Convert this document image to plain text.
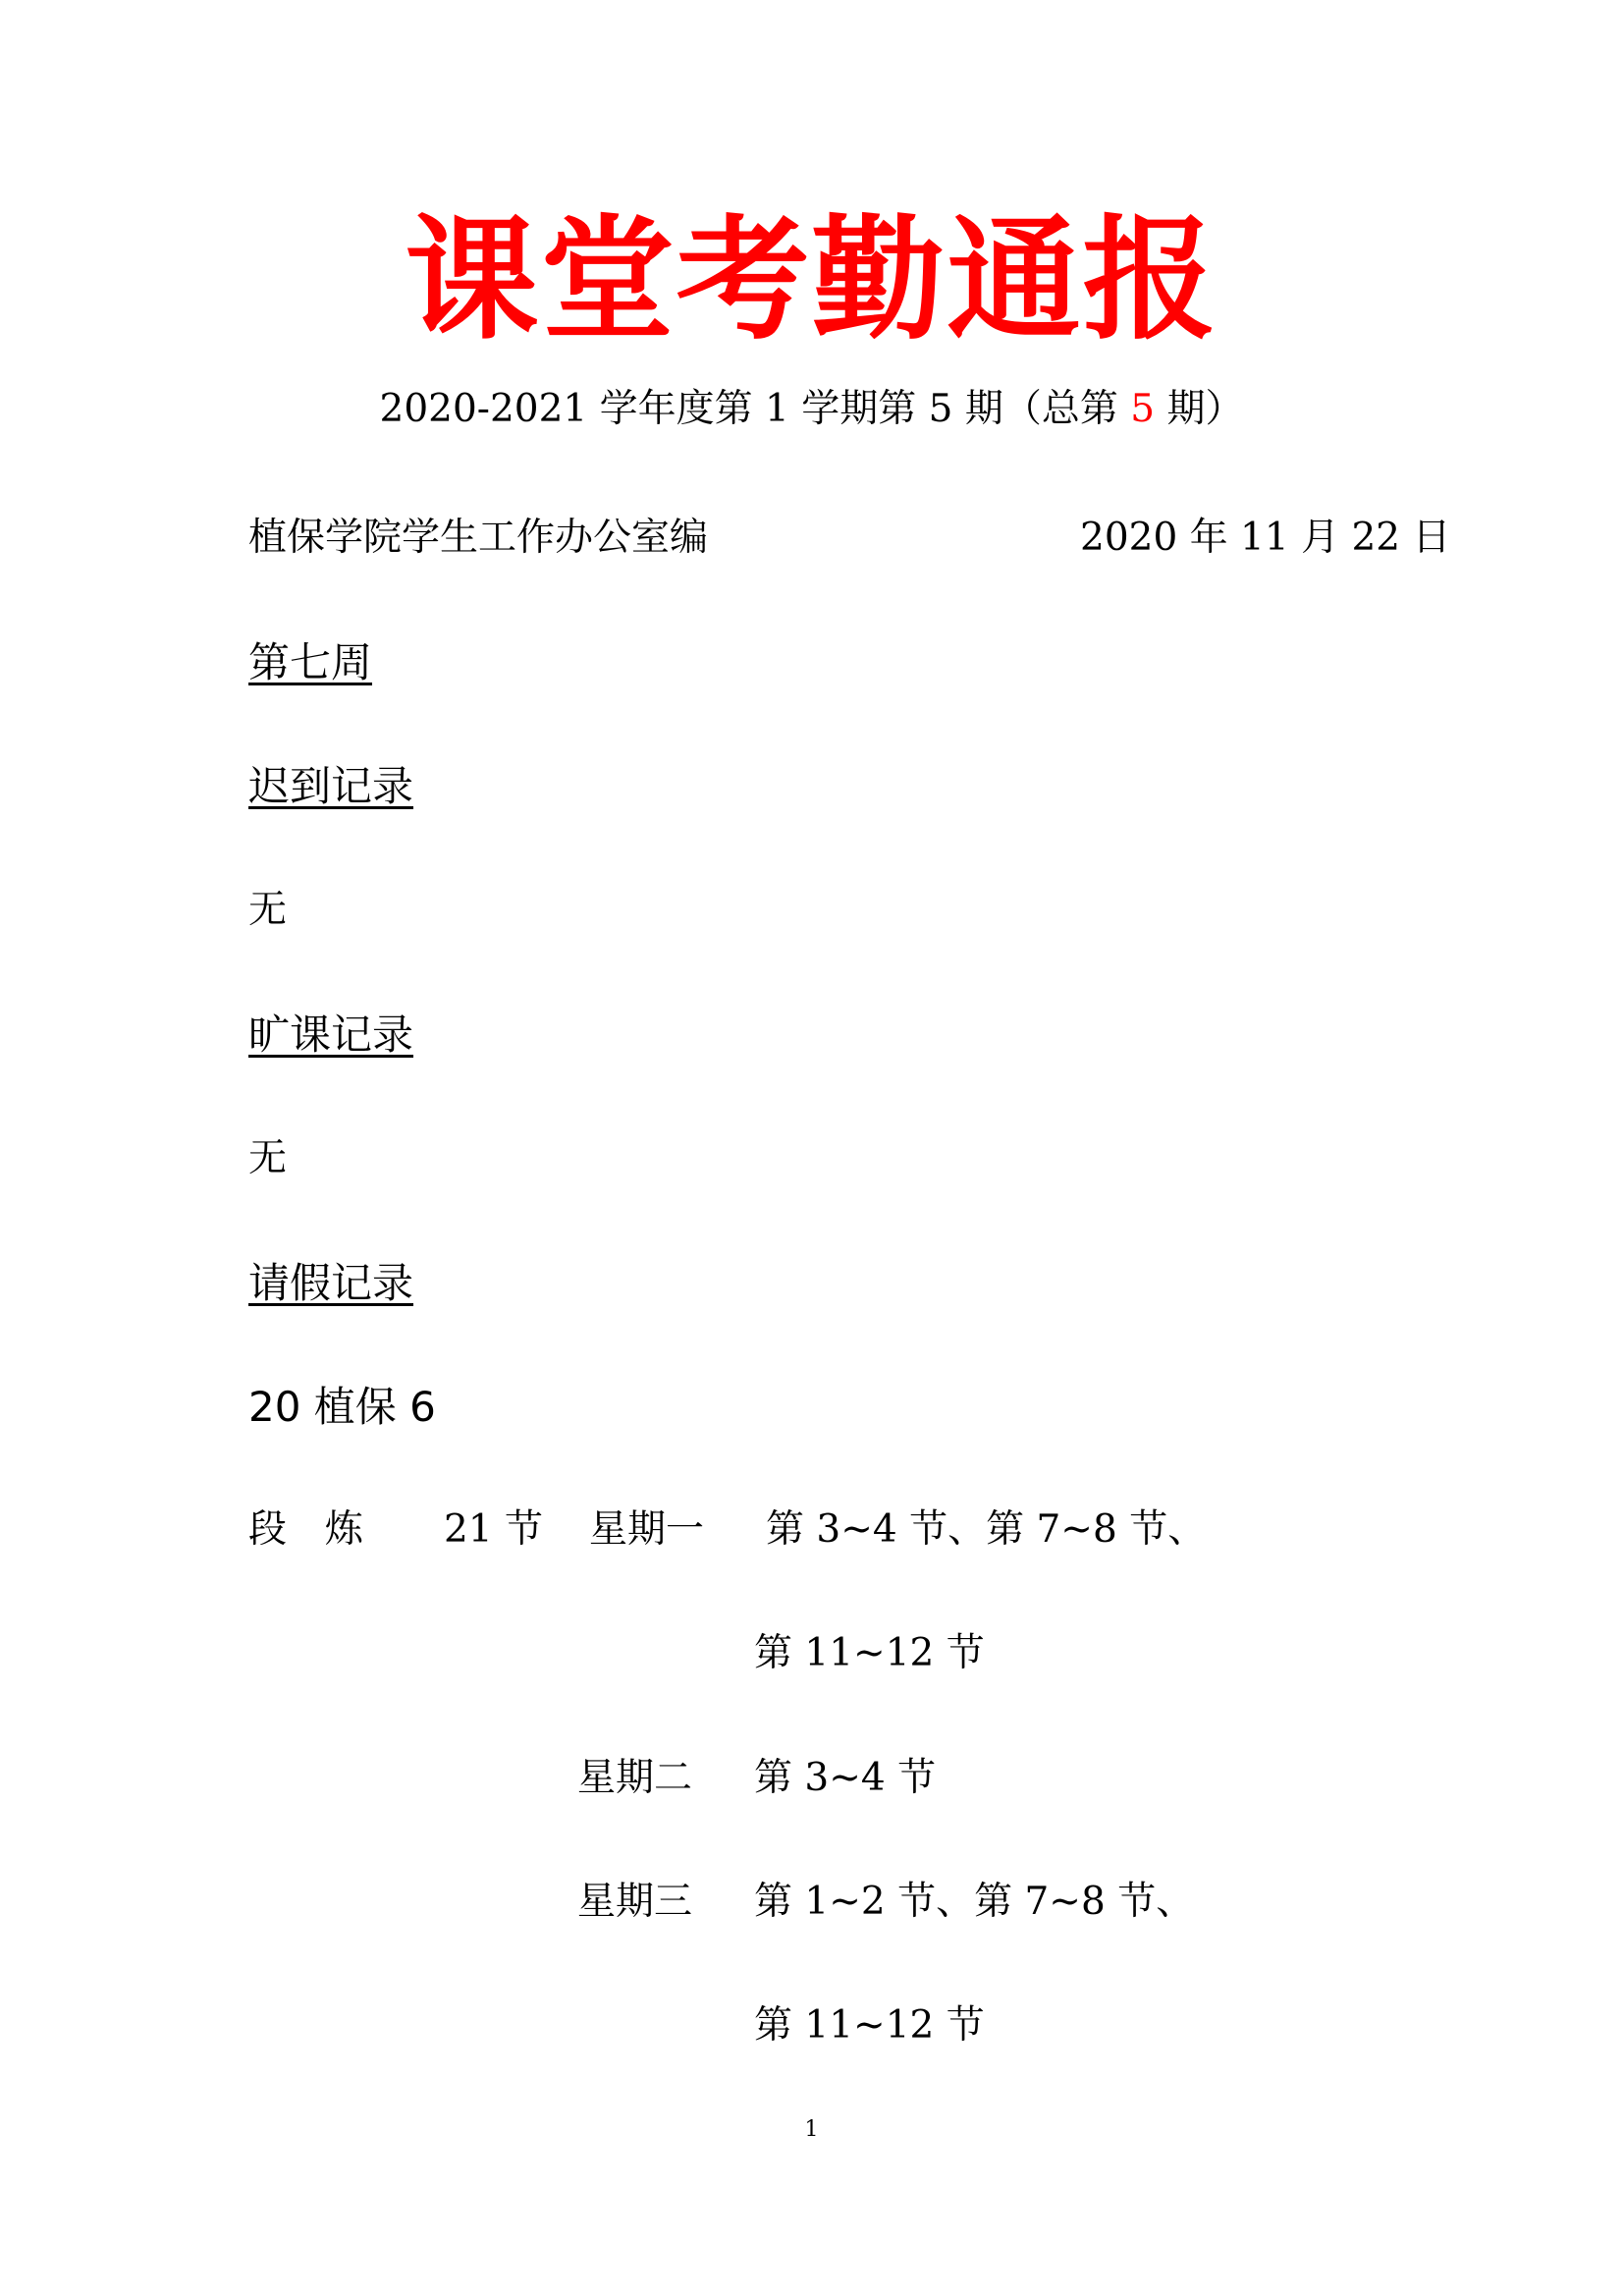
课堂考勤通报
2020-2021 学年度第 1 学期第 5 期（总第 5 期）
植保学院学生工作办公室编	2020 年 11 月 22 日
第七周
迟到记录
无
旷课记录
无
请假记录
20 植保 6
段　炼 21 节 星期一 第 3~4 节、第 7~8 节、
第 11~12 节
星期二 第 3~4 节
星期三 第 1~2 节、第 7~8 节、
第 11~12 节
1
